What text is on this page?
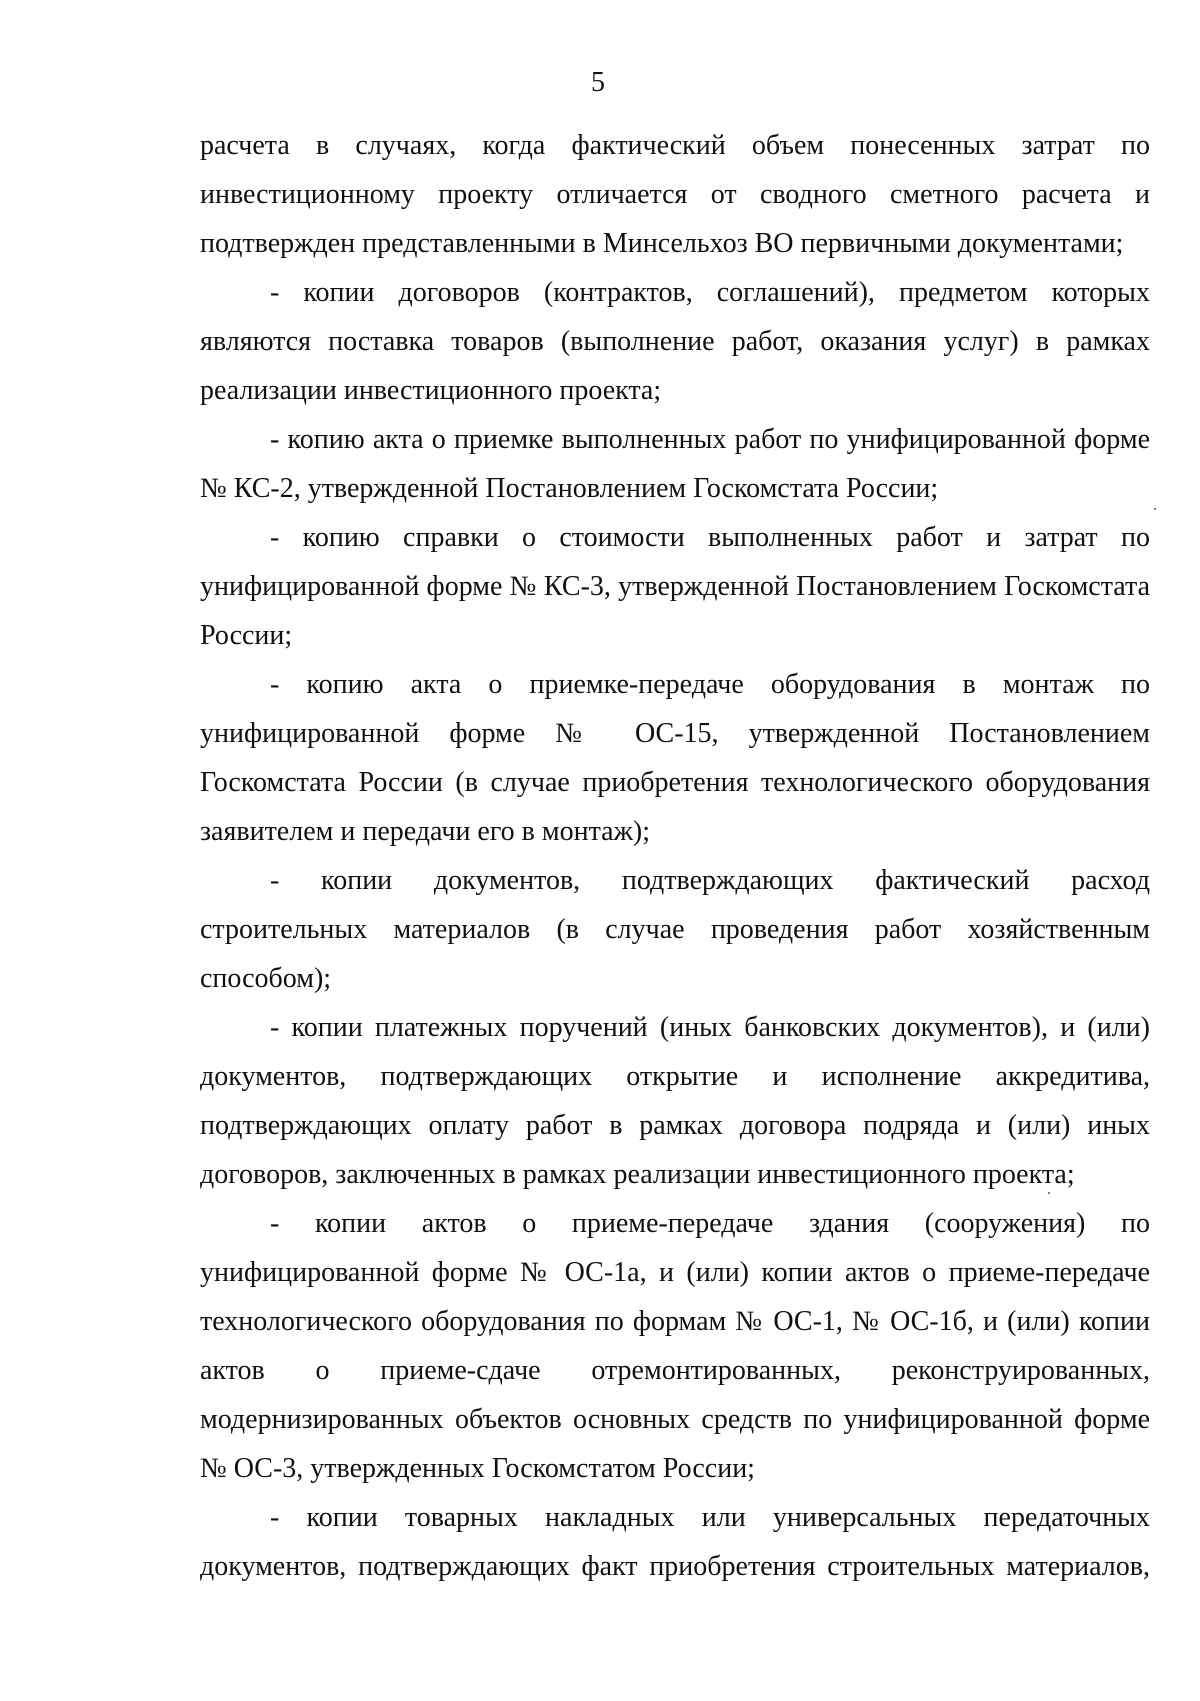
5

расчета в случаях, когда фактический объем понесенных затрат по инвестиционному проекту отличается от сводного сметного расчета и подтвержден представленными в Минсельхоз ВО первичными документами;

- копии договоров (контрактов, соглашений), предметом которых являются поставка товаров (выполнение работ, оказания услуг) в рамках реализации инвестиционного проекта;

- копию акта о приемке выполненных работ по унифицированной форме № КС-2, утвержденной Постановлением Госкомстата России;

- копию справки о стоимости выполненных работ и затрат по унифицированной форме № КС-3, утвержденной Постановлением Госкомстата России;

- копию акта о приемке-передаче оборудования в монтаж по унифицированной форме № ОС-15, утвержденной Постановлением Госкомстата России (в случае приобретения технологического оборудования заявителем и передачи его в монтаж);

- копии документов, подтверждающих фактический расход строительных материалов (в случае проведения работ хозяйственным способом);

- копии платежных поручений (иных банковских документов), и (или) документов, подтверждающих открытие и исполнение аккредитива, подтверждающих оплату работ в рамках договора подряда и (или) иных договоров, заключенных в рамках реализации инвестиционного проекта;

- копии актов о приеме-передаче здания (сооружения) по унифицированной форме № ОС-1а, и (или) копии актов о приеме-передаче технологического оборудования по формам № ОС-1, № ОС-1б, и (или) копии актов о приеме-сдаче отремонтированных, реконструированных, модернизированных объектов основных средств по унифицированной форме № ОС-3, утвержденных Госкомстатом России;

- копии товарных накладных или универсальных передаточных документов, подтверждающих факт приобретения строительных материалов,
